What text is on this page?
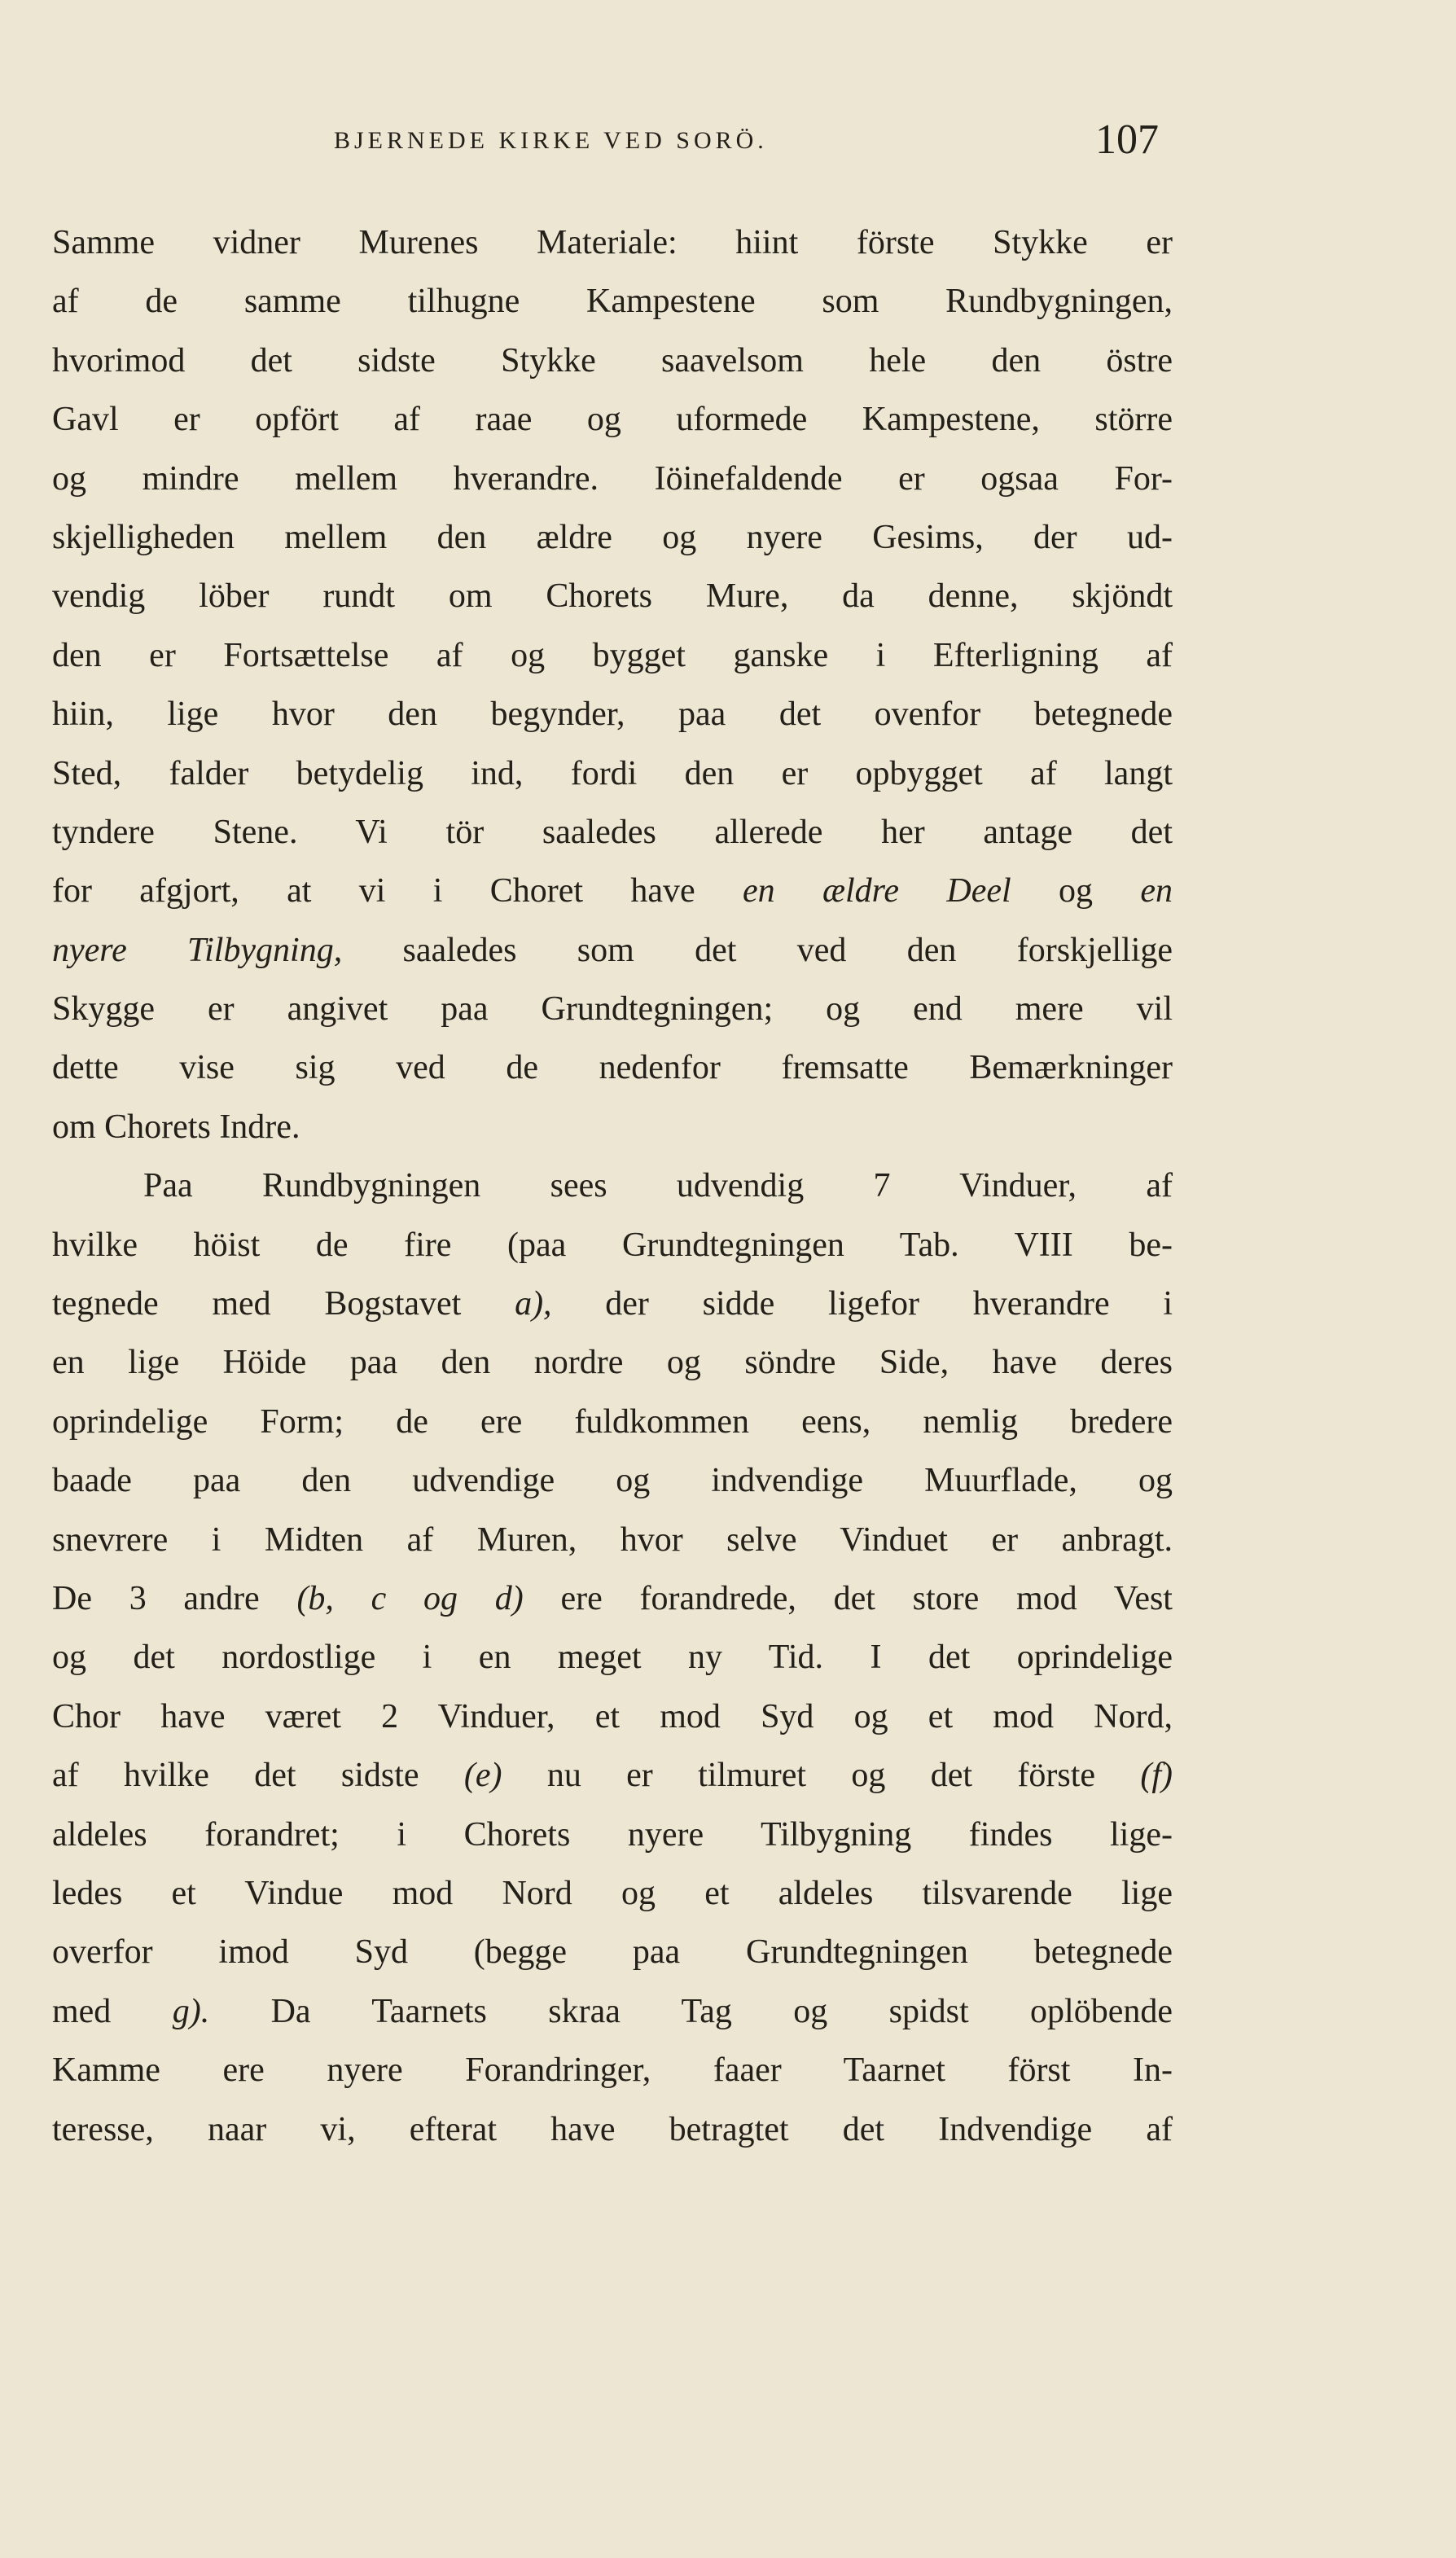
BJERNEDE KIRKE VED SORÖ.	107
Samme vidner Murenes Materiale: hiint förste Stykke er
af de samme tilhugne Kampestene som Rundbygningen,
hvorimod det sidste Stykke saavelsom hele den östre
Gavl er opfört af raae og uformede Kampestene, större
og mindre mellem hverandre. Iöinefaldende er ogsaa For-
skjelligheden mellem den ældre og nyere Gesims, der ud-
vendig löber rundt om Chorets Mure, da denne, skjöndt
den er Fortsættelse af og bygget ganske i Efterligning af
hiin, lige hvor den begynder, paa det ovenfor betegnede
Sted, falder betydelig ind, fordi den er opbygget af langt
tyndere Stene. Vi tör saaledes allerede her antage det
for afgjort, at vi i Choret have en ældre Deel og en
nyere Tilbygning, saaledes som det ved den forskjellige
Skygge er angivet paa Grundtegningen; og end mere vil
dette vise sig ved de nedenfor fremsatte Bemærkninger
om Chorets Indre.
Paa Rundbygningen sees udvendig 7 Vinduer, af
hvilke höist de fire (paa Grundtegningen Tab. VIII be-
tegnede med Bogstavet a), der sidde ligefor hverandre i
en lige Höide paa den nordre og söndre Side, have deres
oprindelige Form; de ere fuldkommen eens, nemlig bredere
baade paa den udvendige og indvendige Muurflade, og
snevrere i Midten af Muren, hvor selve Vinduet er anbragt.
De 3 andre (b, c og d) ere forandrede, det store mod Vest
og det nordostlige i en meget ny Tid. I det oprindelige
Chor have været 2 Vinduer, et mod Syd og et mod Nord,
af hvilke det sidste (e) nu er tilmuret og det förste (f)
aldeles forandret; i Chorets nyere Tilbygning findes lige-
ledes et Vindue mod Nord og et aldeles tilsvarende lige
overfor imod Syd (begge paa Grundtegningen betegnede
med g). Da Taarnets skraa Tag og spidst oplöbende
Kamme ere nyere Forandringer, faaer Taarnet först In-
teresse, naar vi, efterat have betragtet det Indvendige af
